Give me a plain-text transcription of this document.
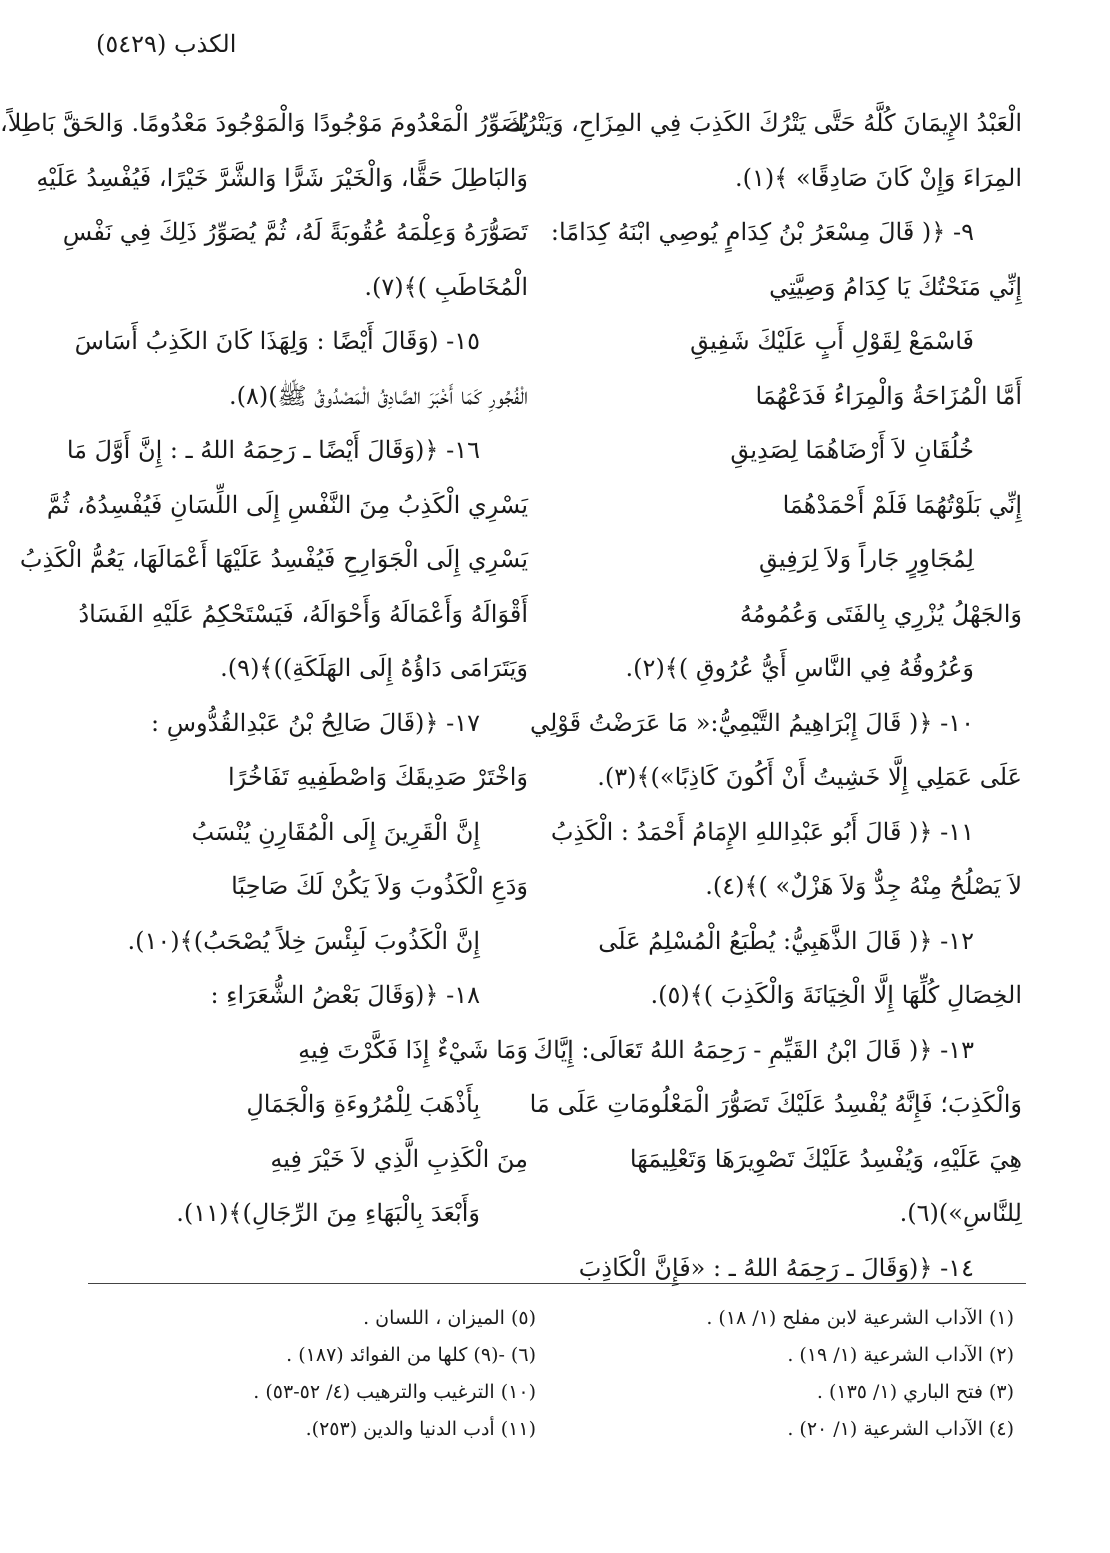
الكذب (٥٤٢٩)
الْعَبْدُ الإِيمَانَ كُلَّهُ حَتَّى يَتْرُكَ الكَذِبَ فِي المِزَاحِ، وَيَتْرُكَ
المِرَاءَ وَإِنْ كَانَ صَادِقًا» ﴾(١).
٩- ﴿( قَالَ مِسْعَرُ بْنُ كِدَامٍ يُوصِي ابْنَهُ كِدَامًا:
إِنِّي مَنَحْتُكَ يَا كِدَامُ وَصِيَّتِي
فَاسْمَعْ لِقَوْلِ أَبٍ عَلَيْكَ شَفِيقِ
أَمَّا الْمُزَاحَةُ وَالْمِرَاءُ فَدَعْهُمَا
خُلُقَانِ لاَ أَرْضَاهُمَا لِصَدِيقِ
إِنِّي بَلَوْتُهُمَا فَلَمْ أَحْمَدْهُمَا
لِمُجَاوِرٍ جَاراً وَلاَ لِرَفِيقِ
وَالجَهْلُ يُزْرِي بِالفَتَى وَعُمُومُهُ
وَعُرُوقُهُ فِي النَّاسِ أَيُّ عُرُوقِ )﴾(٢).
١٠- ﴿( قَالَ إِبْرَاهِيمُ التَّيْمِيُّ:« مَا عَرَضْتُ قَوْلِي
عَلَى عَمَلِي إِلَّا خَشِيتُ أَنْ أَكُونَ كَاذِبًا»)﴾(٣).
١١- ﴿( قَالَ أَبُو عَبْدِاللهِ الإِمَامُ أَحْمَدُ : الْكَذِبُ
لاَ يَصْلُحُ مِنْهُ جِدٌّ وَلاَ هَزْلٌ» )﴾(٤).
١٢- ﴿( قَالَ الذَّهَبِيُّ: يُطْبَعُ الْمُسْلِمُ عَلَى
الخِصَالِ كُلِّهَا إِلَّا الْخِيَانَةَ وَالْكَذِبَ )﴾(٥).
١٣- ﴿( قَالَ ابْنُ القَيِّمِ - رَحِمَهُ اللهُ تَعَالَى: إِيَّاكَ
وَالْكَذِبَ؛ فَإِنَّهُ يُفْسِدُ عَلَيْكَ تَصَوُّرَ الْمَعْلُومَاتِ عَلَى مَا
هِيَ عَلَيْهِ، وَيُفْسِدُ عَلَيْكَ تَصْوِيرَهَا وَتَعْلِيمَهَا
لِلنَّاسِ»)(٦).
١٤- ﴿(وَقَالَ ـ رَحِمَهُ اللهُ ـ : «فَإِنَّ الْكَاذِبَ
يُصَوِّرُ الْمَعْدُومَ مَوْجُودًا وَالْمَوْجُودَ مَعْدُومًا. وَالحَقَّ بَاطِلاً،
وَالبَاطِلَ حَقًّا، وَالْخَيْرَ شَرًّا وَالشَّرَّ خَيْرًا، فَيُفْسِدُ عَلَيْهِ
تَصَوُّرَهُ وَعِلْمَهُ عُقُوبَةً لَهُ، ثُمَّ يُصَوِّرُ ذَلِكَ فِي نَفْسِ
الْمُخَاطَبِ )﴾(٧).
١٥- (وَقَالَ أَيْضًا : وَلِهَذَا كَانَ الكَذِبُ أَسَاسَ
الْفُجُورِ كَمَا أَخْبَرَ الصَّادِقُ الْمَصْدُوقُ ﷺ)(٨).
١٦- ﴿(وَقَالَ أَيْضًا ـ رَحِمَهُ اللهُ ـ : إِنَّ أَوَّلَ مَا
يَسْرِي الْكَذِبُ مِنَ النَّفْسِ إِلَى اللِّسَانِ فَيُفْسِدُهُ، ثُمَّ
يَسْرِي إِلَى الْجَوَارِحِ فَيُفْسِدُ عَلَيْهَا أَعْمَالَهَا، يَعُمُّ الْكَذِبُ
أَقْوَالَهُ وَأَعْمَالَهُ وَأَحْوَالَهُ، فَيَسْتَحْكِمُ عَلَيْهِ الفَسَادُ
وَيَتَرَامَى دَاؤُهُ إِلَى الهَلَكَةِ))﴾(٩).
١٧- ﴿(قَالَ صَالِحُ بْنُ عَبْدِالقُدُّوسِ :
وَاخْتَرْ صَدِيقَكَ وَاصْطَفِيهِ تَفَاخُرًا
إِنَّ الْقَرِينَ إِلَى الْمُقَارِنِ يُنْسَبُ
وَدَعِ الْكَذُوبَ وَلاَ يَكُنْ لَكَ صَاحِبًا
إِنَّ الْكَذُوبَ لَبِئْسَ خِلاً يُصْحَبُ)﴾(١٠).
١٨- ﴿(وَقَالَ بَعْضُ الشُّعَرَاءِ :
وَمَا شَيْءٌ إِذَا فَكَّرْتَ فِيهِ
بِأَذْهَبَ لِلْمُرُوءَةِ وَالْجَمَالِ
مِنَ الْكَذِبِ الَّذِي لاَ خَيْرَ فِيهِ
وَأَبْعَدَ بِالْبَهَاءِ مِنَ الرِّجَالِ)﴾(١١).
(١) الآداب الشرعية لابن مفلح (١/ ١٨) .
(٢) الآداب الشرعية (١/ ١٩) .
(٣) فتح الباري (١/ ١٣٥) .
(٤) الآداب الشرعية (١/ ٢٠) .
(٥) الميزان ، اللسان .
(٦) -(٩) كلها من الفوائد (١٨٧) .
(١٠) الترغيب والترهيب (٤/ ٥٢-٥٣) .
(١١) أدب الدنيا والدين (٢٥٣).
